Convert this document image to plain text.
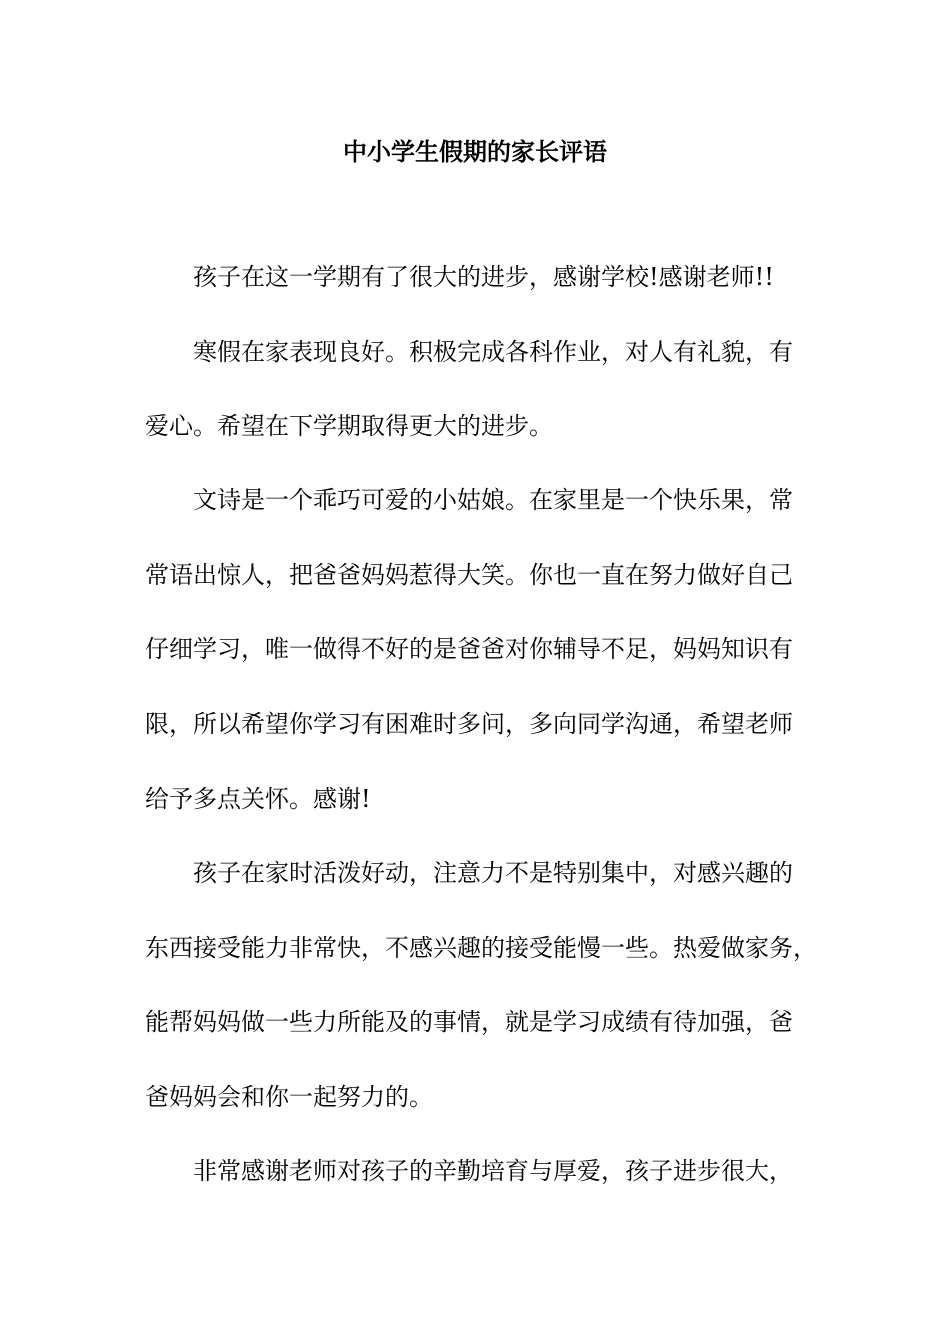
中小学生假期的家长评语
孩子在这一学期有了很大的进步，感谢学校!感谢老师!!
寒假在家表现良好。积极完成各科作业，对人有礼貌，有
爱心。希望在下学期取得更大的进步。
文诗是一个乖巧可爱的小姑娘。在家里是一个快乐果，常
常语出惊人，把爸爸妈妈惹得大笑。你也一直在努力做好自己
仔细学习，唯一做得不好的是爸爸对你辅导不足，妈妈知识有
限，所以希望你学习有困难时多问，多向同学沟通，希望老师
给予多点关怀。感谢!
孩子在家时活泼好动，注意力不是特别集中，对感兴趣的
东西接受能力非常快，不感兴趣的接受能慢一些。热爱做家务，
能帮妈妈做一些力所能及的事情，就是学习成绩有待加强，爸
爸妈妈会和你一起努力的。
非常感谢老师对孩子的辛勤培育与厚爱，孩子进步很大，
